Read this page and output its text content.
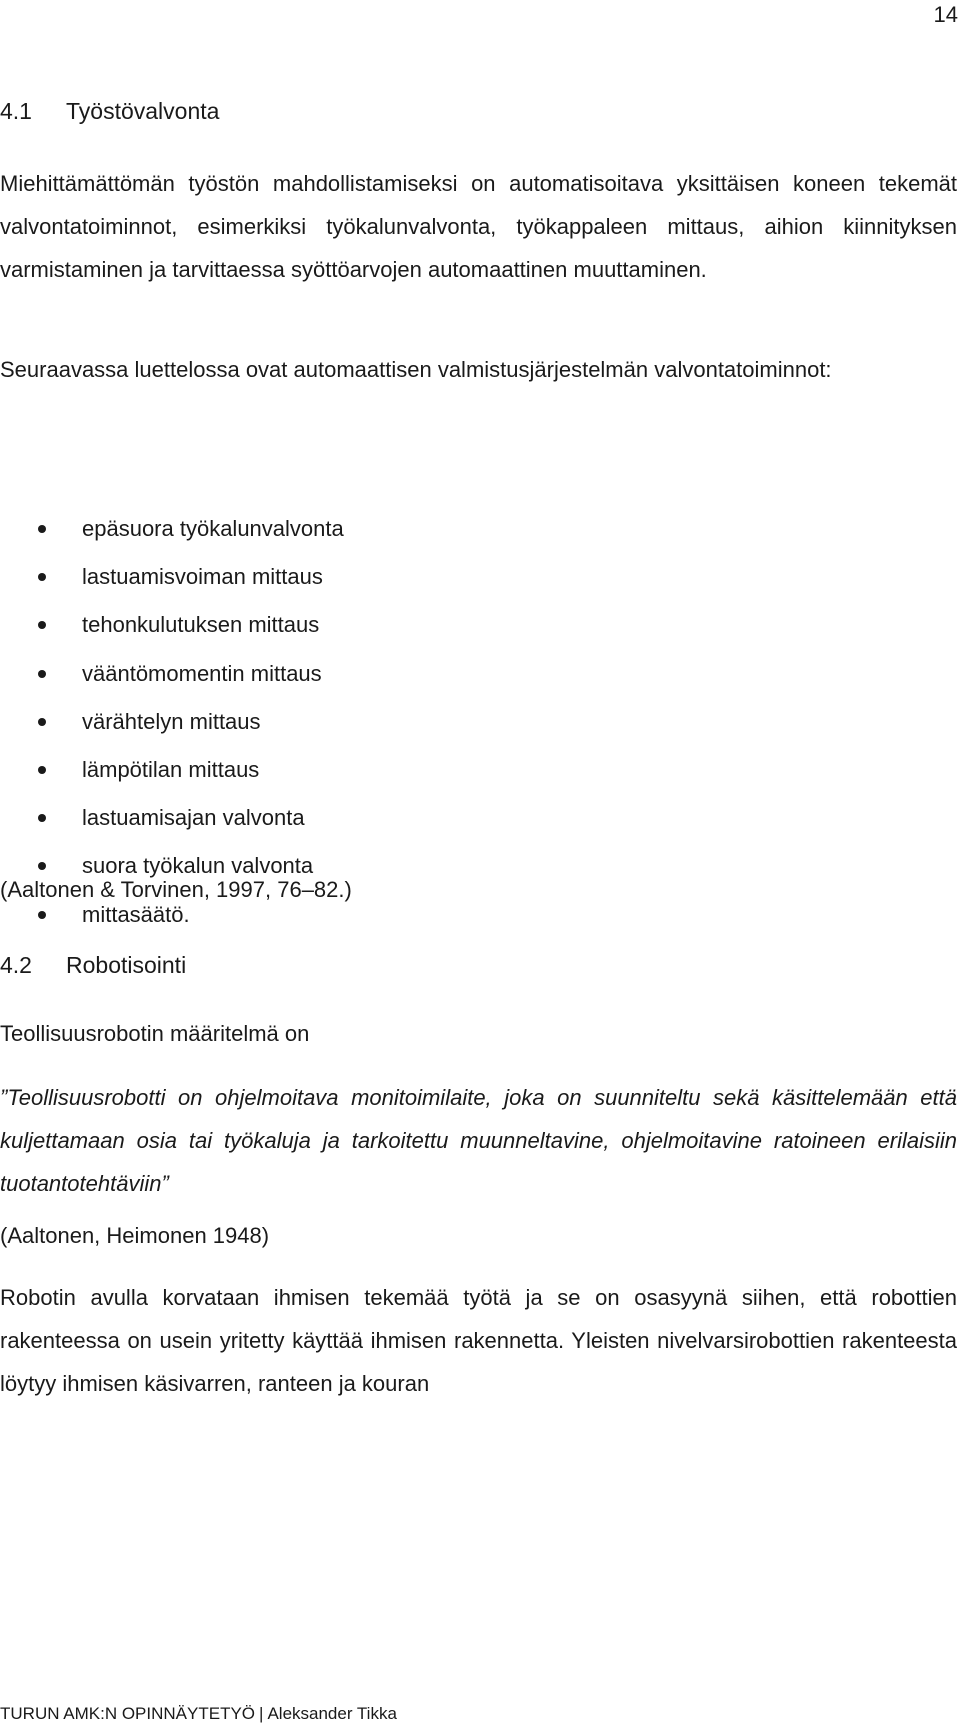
14
4.1 Työstövalvonta

Miehittämättömän työstön mahdollistamiseksi on automatisoitava yksittäisen koneen tekemät valvontatoiminnot, esimerkiksi työkalunvalvonta, työkappaleen mittaus, aihion kiinnityksen varmistaminen ja tarvittaessa syöttöarvojen automaattinen muuttaminen.

Seuraavassa luettelossa ovat automaattisen valmistusjärjestelmän valvontatoiminnot:

epäsuora työkalunvalvonta
lastuamisvoiman mittaus
tehonkulutuksen mittaus
vääntömomentin mittaus
värähtelyn mittaus
lämpötilan mittaus
lastuamisajan valvonta
suora työkalun valvonta
mittasäätö.
(Aaltonen & Torvinen, 1997, 76‒82.)
4.2 Robotisointi
Teollisuusrobotin määritelmä on

”Teollisuusrobotti on ohjelmoitava monitoimilaite, joka on suunniteltu sekä käsittelemään että kuljettamaan osia tai työkaluja ja tarkoitettu muunneltavine, ohjelmoitavine ratoineen erilaisiin tuotantotehtäviin”

(Aaltonen, Heimonen 1948)

Robotin avulla korvataan ihmisen tekemää työtä ja se on osasyynä siihen, että robottien rakenteessa on usein yritetty käyttää ihmisen rakennetta. Yleisten nivelvarsirobottien rakenteesta löytyy ihmisen käsivarren, ranteen ja kouran

TURUN AMK:N OPINNÄYTETYÖ | Aleksander Tikka
